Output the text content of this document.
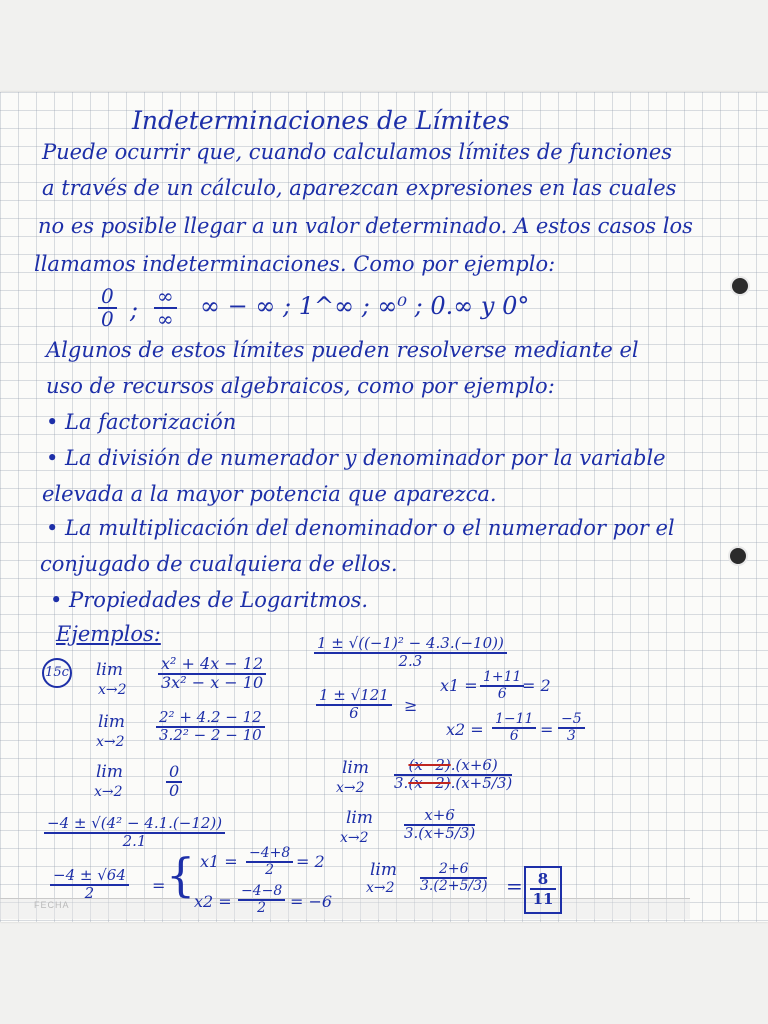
FECHA
Indeterminaciones de Límites
Puede ocurrir que, cuando calculamos límites de funciones
a través de un cálculo, aparezcan expresiones en las cuales
no es posible llegar a un valor determinado. A estos casos los
llamamos indeterminaciones. Como por ejemplo:
$\frac{0}{0}$ ; ∞
∞ ∞ − ∞ ; 1^∞ ; ∞⁰ ; 0.∞ y 0°
Algunos de estos límites pueden resolverse mediante el
uso de recursos algebraicos, como por ejemplo:
• La factorización
• La división de numerador y denominador por la variable
elevada a la mayor potencia que aparezca.
• La multiplicación del denominador o el numerador por el
conjugado de cualquiera de ellos.
• Propiedades de Logaritmos.
Ejemplos:
15c lim
$x\to 2 \frac{\text{x² + 4x − 12}}{\text{3x² − x − 10}}$
lim
$x\to 2 \frac{\text{2² + 4.2 − 12}}{\text{3.2² − 2 − 10}}$
lim
x→2	$\frac{0}{0}$
$\frac{\text{−4 ± √(4² − 4.1.(−12))}}{2.1}$
$\frac{-4 \pm √64}{2}$ = { $x1 = \frac{-4+8}{2} = 2$
$x2 = \frac{-4-8}{2} = -6$
$\frac{\text{1 ± √((−1)² − 4.3.(−10))}}{2.3}$
$\frac{1 \pm √121}{6}$ ≥
$x1 = \frac{1+11}{6}$
= 2
$x2 = \frac{1-11}{6} = \frac{-5}{3}$
lim
$x\to 2 \frac{(x-2).(x+6)}{3.(x-2).(x+5/3)}$
lim
$x\to 2 \frac{x+6}{3.(x+5/3)}$
lim
$x\to 2 \frac{2+6}{3.(2+5/3)}$ =	8
11
